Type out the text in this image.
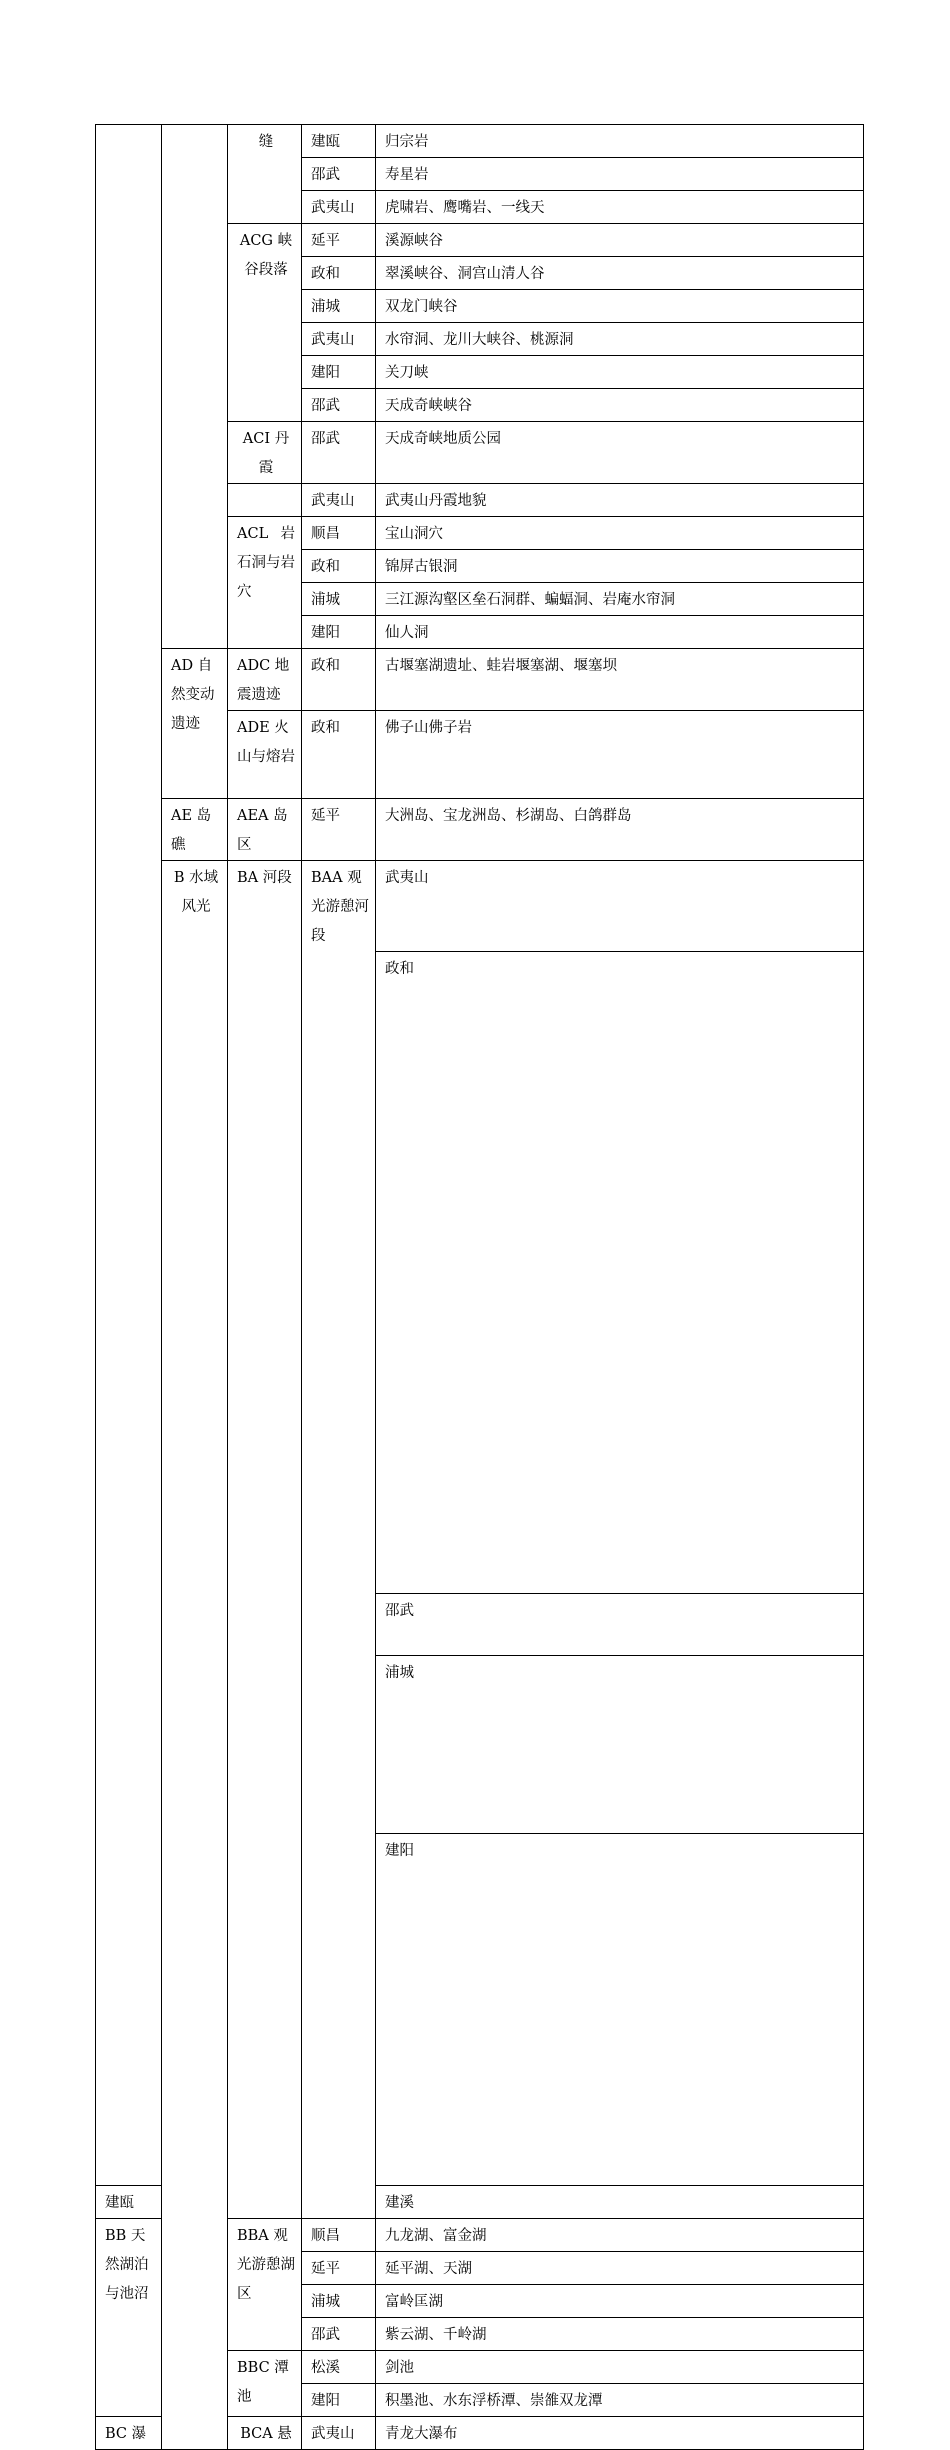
		缝	建瓯	归宗岩	
			邵武	寿星岩	
			武夷山	虎啸岩、鹰嘴岩、一线天	
		ACG 峡谷段落	延平	溪源峡谷	
			政和	翠溪峡谷、洞宫山清人谷	
			浦城	双龙门峡谷	
			武夷山	水帘洞、龙川大峡谷、桃源洞	
			建阳	关刀峡	
			邵武	天成奇峡峡谷	
		ACI 丹霞	邵武	天成奇峡地质公园	
			武夷山	武夷山丹霞地貌	
		ACL 岩石洞与岩穴	顺昌	宝山洞穴	
			政和	锦屏古银洞	
			浦城	三江源沟壑区垒石洞群、蝙蝠洞、岩庵水帘洞	
			建阳	仙人洞	
	AD 自然变动遗迹	ADC 地震遗迹	政和	古堰塞湖遗址、蛙岩堰塞湖、堰塞坝	
		ADE 火山与熔岩	政和	佛子山佛子岩	
	AE 岛礁	AEA 岛区	延平	大洲岛、宝龙洲岛、杉湖岛、白鸽群岛	
	B 水域风光	BA 河段	BAA 观光游憩河段	武夷山	
				政和	
				邵武	
				浦城	
				建阳	
建瓯				建溪	
BB 天然湖泊与池沼		BBA 观光游憩湖区	顺昌	九龙湖、富金湖	
			延平	延平湖、天湖	
			浦城	富岭匡湖	
			邵武	紫云湖、千岭湖	
		BBC 潭池	松溪	剑池	
			建阳	积墨池、水东浮桥潭、崇雒双龙潭	
BC 瀑		BCA 悬	武夷山	青龙大瀑布	
